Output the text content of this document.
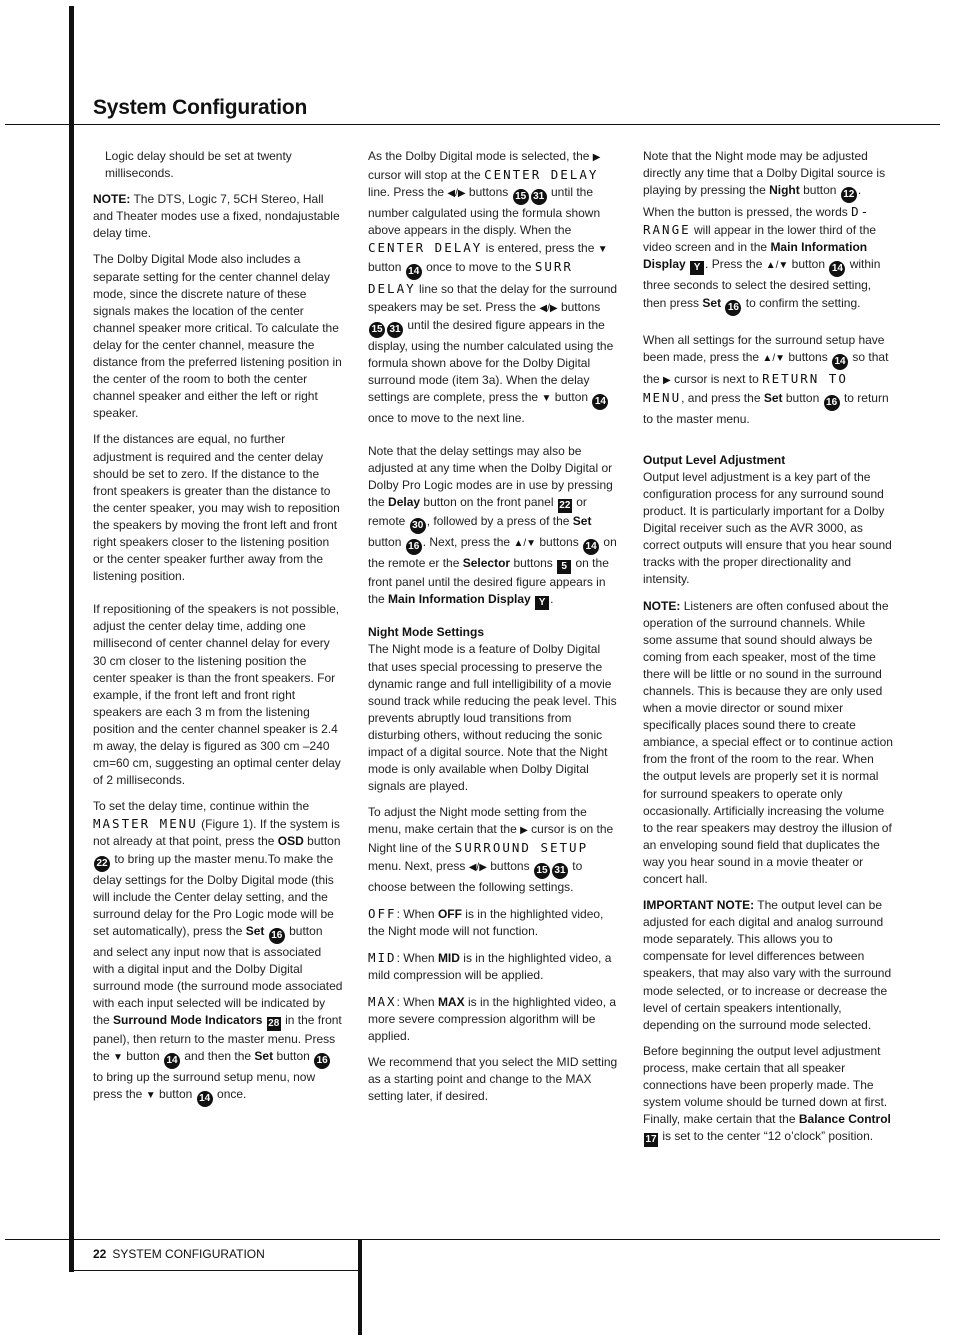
System Configuration

Logic delay should be set at twenty milliseconds.

NOTE: The DTS, Logic 7, 5CH Stereo, Hall and Theater modes use a fixed, nondajustable delay time.

The Dolby Digital Mode also includes a separate setting for the center channel delay mode, since the discrete nature of these signals makes the location of the center channel speaker more critical. To calculate the delay for the center channel, measure the distance from the preferred listening position in the center of the room to both the center channel speaker and either the left or right speaker.

If the distances are equal, no further adjustment is required and the center delay should be set to zero. If the distance to the front speakers is greater than the distance to the center speaker, you may wish to reposition the speakers by moving the front left and front right speakers closer to the listening position or the center speaker further away from the listening position.

If repositioning of the speakers is not possible, adjust the center delay time, adding one millisecond of center channel delay for every 30 cm closer to the listening position the center speaker is than the front speakers. For example, if the front left and front right speakers are each 3 m from the listening position and the center channel speaker is 2.4 m away, the delay is figured as 300 cm –240 cm=60 cm, suggesting an optimal center delay of 2 milliseconds.

To set the delay time, continue within the MASTER MENU (Figure 1). If the system is not already at that point, press the OSD button 22 to bring up the master menu.To make the delay settings for the Dolby Digital mode (this will include the Center delay setting, and the surround delay for the Pro Logic mode will be set automatically), press the Set 16 button and select any input now that is associated with a digital input and the Dolby Digital surround mode (the surround mode associated with each input selected will be indicated by the Surround Mode Indicators 28 in the front panel), then return to the master menu. Press the ▼ button 14 and then the Set button 16 to bring up the surround setup menu, now press the ▼ button 14 once.

As the Dolby Digital mode is selected, the ▶ cursor will stop at the CENTER DELAY line. Press the ◀/▶ buttons 15 31 until the number calgulated using the formula shown above appears in the disply. When the CENTER DELAY is entered, press the ▼ button 14 once to move to the SURR DELAY line so that the delay for the surround speakers may be set. Press the ◀/▶ buttons 15 31 until the desired figure appears in the display, using the number calculated using the formula shown above for the Dolby Digital surround mode (item 3a). When the delay settings are complete, press the ▼ button 14 once to move to the next line.

Note that the delay settings may also be adjusted at any time when the Dolby Digital or Dolby Pro Logic modes are in use by pressing the Delay button on the front panel 22 or remote 30 , followed by a press of the Set button 16 . Next, press the ▲/▼ buttons 14 on the remote er the Selector buttons 5 on the front panel until the desired figure appears in the Main Information Display Y .

Night Mode Settings

The Night mode is a feature of Dolby Digital that uses special processing to preserve the dynamic range and full intelligibility of a movie sound track while reducing the peak level. This prevents abruptly loud transitions from disturbing others, without reducing the sonic impact of a digital source. Note that the Night mode is only available when Dolby Digital signals are played.

To adjust the Night mode setting from the menu, make certain that the ▶ cursor is on the Night line of the SURROUND SETUP menu. Next, press ◀/▶ buttons 15 31 to choose between the following settings.

OFF: When OFF is in the highlighted video, the Night mode will not function.

MID: When MID is in the highlighted video, a mild compression will be applied.

MAX: When MAX is in the highlighted video, a more severe compression algorithm will be applied.

We recommend that you select the MID setting as a starting point and change to the MAX setting later, if desired.

Note that the Night mode may be adjusted directly any time that a Dolby Digital source is playing by pressing the Night button 12 . When the button is pressed, the words D-RANGE will appear in the lower third of the video screen and in the Main Information Display Y . Press the ▲/▼ button 14 within three seconds to select the desired setting, then press Set 16 to confirm the setting.

When all settings for the surround setup have been made, press the ▲/▼ buttons 14 so that the ▶ cursor is next to RETURN TO MENU, and press the Set button 16 to return to the master menu.

Output Level Adjustment

Output level adjustment is a key part of the configuration process for any surround sound product. It is particularly important for a Dolby Digital receiver such as the AVR 3000, as correct outputs will ensure that you hear sound tracks with the proper directionality and intensity.

NOTE: Listeners are often confused about the operation of the surround channels. While some assume that sound should always be coming from each speaker, most of the time there will be little or no sound in the surround channels. This is because they are only used when a movie director or sound mixer specifically places sound there to create ambiance, a special effect or to continue action from the front of the room to the rear. When the output levels are properly set it is normal for surround speakers to operate only occasionally. Artificially increasing the volume to the rear speakers may destroy the illusion of an enveloping sound field that duplicates the way you hear sound in a movie theater or concert hall.

IMPORTANT NOTE: The output level can be adjusted for each digital and analog surround mode separately. This allows you to compensate for level differences between speakers, that may also vary with the surround mode selected, or to increase or decrease the level of certain speakers intentionally, depending on the surround mode selected.

Before beginning the output level adjustment process, make certain that all speaker connections have been properly made. The system volume should be turned down at first. Finally, make certain that the Balance Control 17 is set to the center “12 o’clock” position.

22 SYSTEM CONFIGURATION
